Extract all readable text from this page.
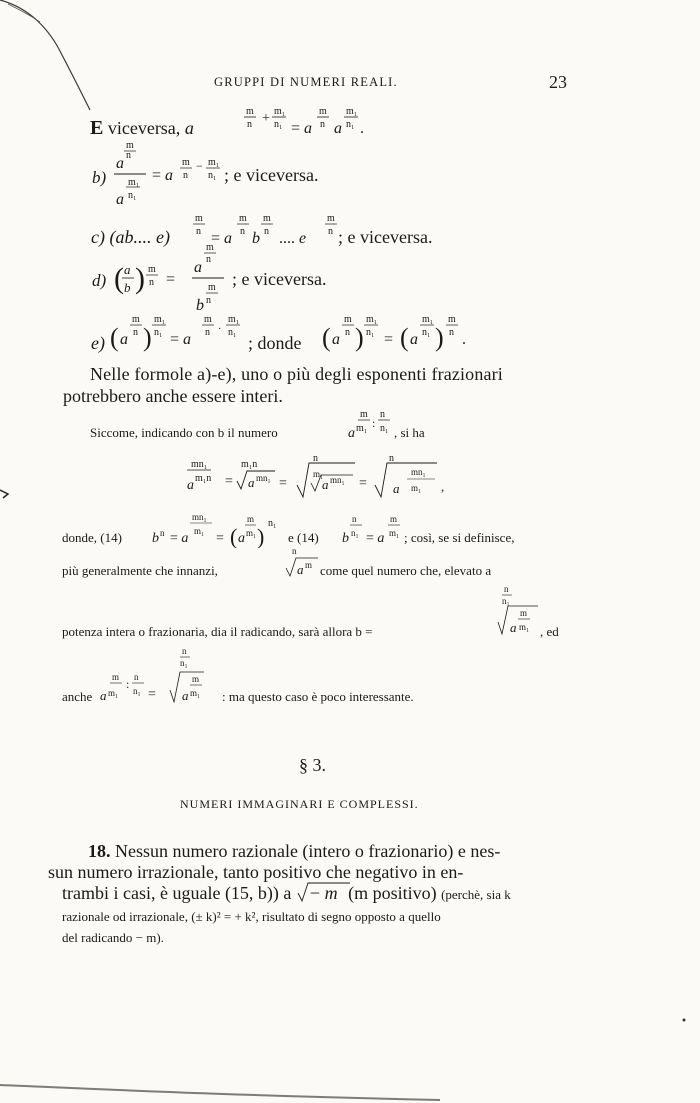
GRUPPI DI NUMERI REALI.	23
E viceversa, a
m
n + m₁
n₁ = a
m
n a
m₁
n₁ .
b)
m
a n
m₁
a n₁
= a
m
n
− m₁
n₁ ; e viceversa.
c) (ab.... e)
m
n = a
m
n b
m
n .... e
m
n ; e viceversa.
d) ( a
b ) m
n =
m
a n
m
b n
; e viceversa.
e) ( a
m
n )
m₁
n₁ = a
m
n ·
m₁
n₁
; donde ( a
m
n )
m₁
n₁ = ( a
m₁
n₁ )
m
n .
Nelle formole a)-e), uno o più degli esponenti frazionari
potrebbero anche essere interi.
Siccome, indicando con b il numero
m
a m₁ :
n
n₁ , si ha
mn₁
a m₁n =
m₁n
a mn₁ =
n
m₁
a mn₁ =
n
mn₁
a m₁ ,
donde, (14) b n = a
mn₁
m₁ = ( a
m
m₁ )
n₁
e (14) b
n
n₁ = a
m
m₁ ; così, se si definisce,
più generalmente che innanzi,
n
a m come quel numero che, elevato a
potenza intera o frazionaria, dia il radicando, sarà allora b =
n
n₁
m
a m₁ , ed
m
a m₁
: n
n₁ =
n
n₁
m
a m₁
anche	: ma questo caso è poco interessante.
§ 3.
NUMERI IMMAGINARI E COMPLESSI.
18. Nessun numero razionale (intero o frazionario) e nes-
sun numero irrazionale, tanto positivo che negativo in en-
trambi i casi, è uguale (15, b)) a − m (m positivo) (perchè, sia k
razionale od irrazionale, (± k)² = + k², risultato di segno opposto a quello
del radicando − m).
